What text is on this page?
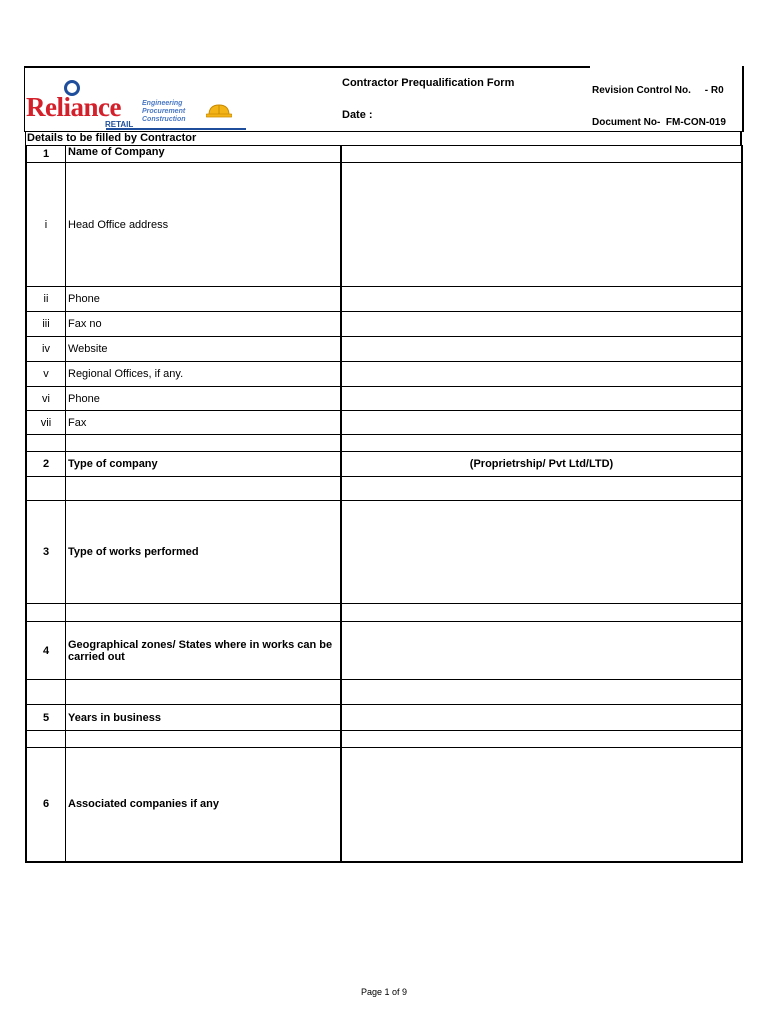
Reliance	Engineering
Procurement
Construction
RETAIL
Contractor Prequalification Form
Date :
Revision Control No.     - R0
Document No-  FM-CON-019
Details to be filled by Contractor
1	Name of Company	
i	Head Office address	
ii	Phone	
iii	Fax no	
iv	Website	
v	Regional Offices, if any.	
vi	Phone	
vii	Fax	

2	Type of company	(Proprietrship/ Pvt Ltd/LTD)

3	Type of works performed	

4	Geographical zones/ States where in works can be carried out	

5	Years in business	

6	Associated companies if any	
Page 1 of 9
